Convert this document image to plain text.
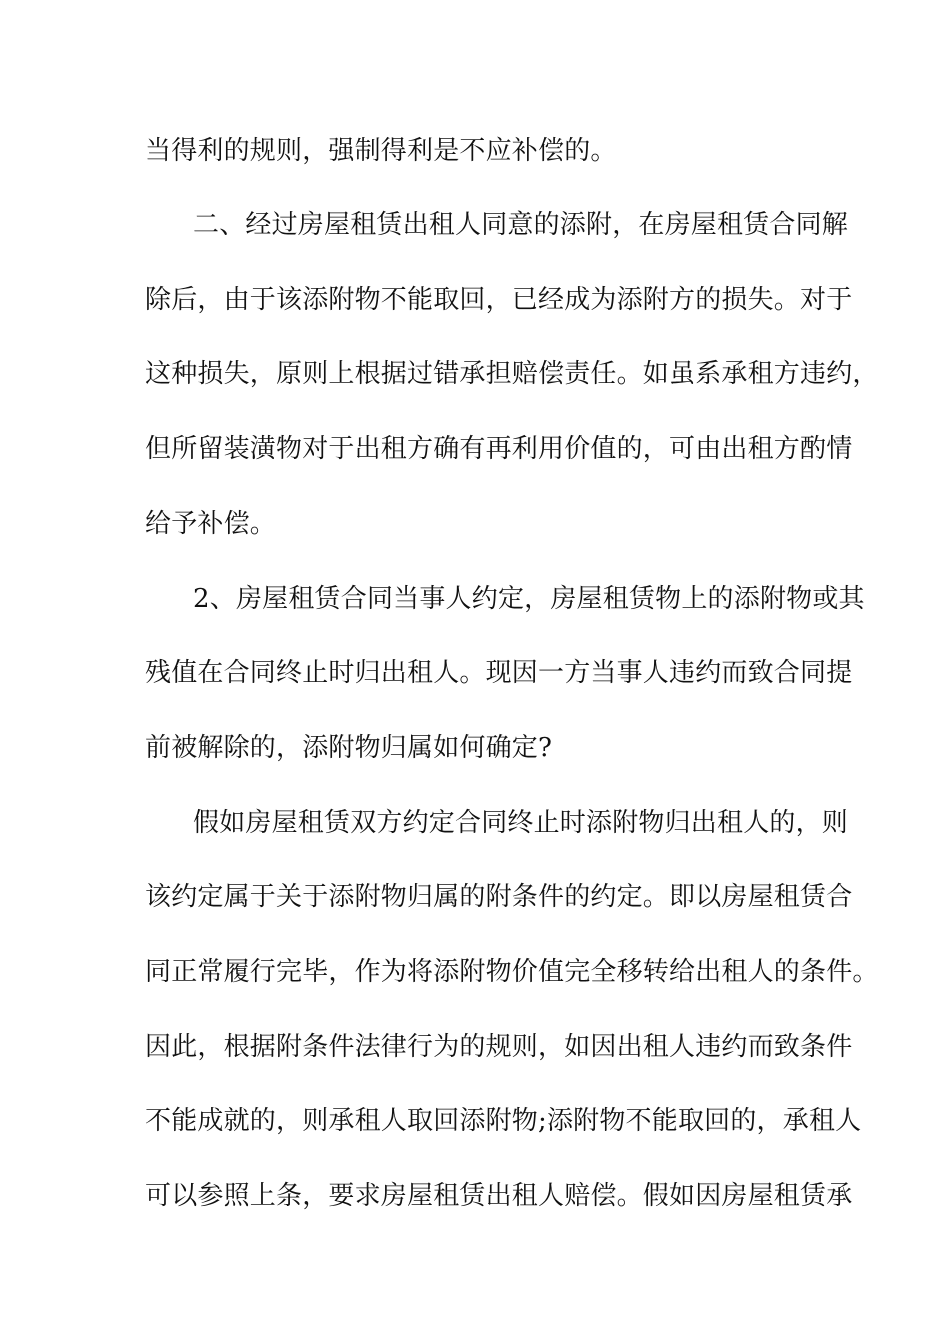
当得利的规则，强制得利是不应补偿的。
二、经过房屋租赁出租人同意的添附，在房屋租赁合同解
除后，由于该添附物不能取回，已经成为添附方的损失。对于
这种损失，原则上根据过错承担赔偿责任。如虽系承租方违约，
但所留装潢物对于出租方确有再利用价值的，可由出租方酌情
给予补偿。
2、房屋租赁合同当事人约定，房屋租赁物上的添附物或其
残值在合同终止时归出租人。现因一方当事人违约而致合同提
前被解除的，添附物归属如何确定?
假如房屋租赁双方约定合同终止时添附物归出租人的，则
该约定属于关于添附物归属的附条件的约定。即以房屋租赁合
同正常履行完毕，作为将添附物价值完全移转给出租人的条件。
因此，根据附条件法律行为的规则，如因出租人违约而致条件
不能成就的，则承租人取回添附物;添附物不能取回的，承租人
可以参照上条，要求房屋租赁出租人赔偿。假如因房屋租赁承
